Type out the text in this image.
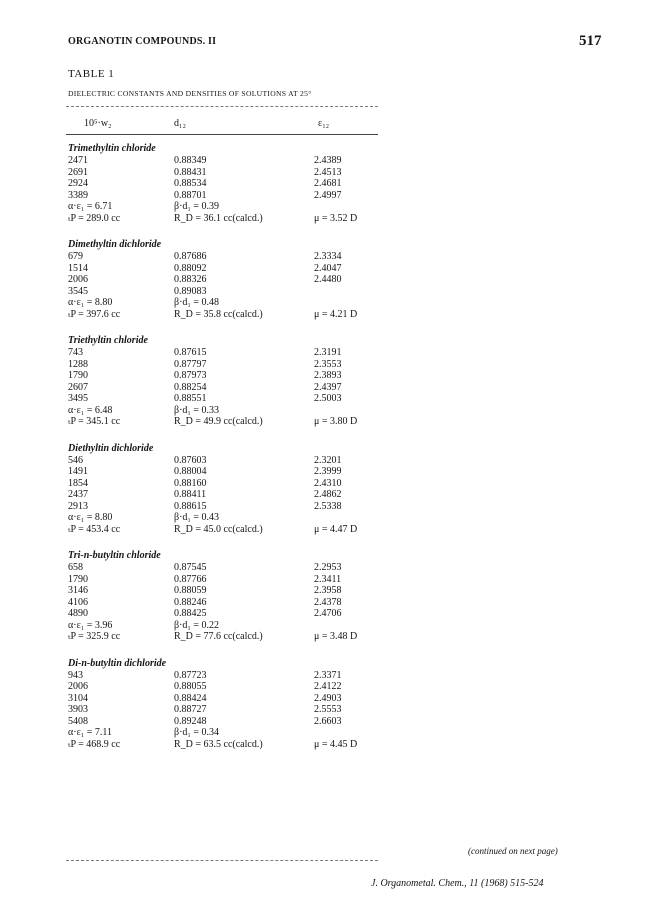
ORGANOTIN COMPOUNDS. II	517
TABLE 1
DIELECTRIC CONSTANTS AND DENSITIES OF SOLUTIONS AT 25°
10⁵·w₂	d₁₂	ε₁₂
Trimethyltin chloride
2471	0.88349	2.4389
2691	0.88431	2.4513
2924	0.88534	2.4681
3389	0.88701	2.4997
α·ε₁ = 6.71	β·d₁ = 0.39
ₜP = 289.0 cc	R_D = 36.1 cc(calcd.)	μ = 3.52 D
Dimethyltin dichloride
679	0.87686	2.3334
1514	0.88092	2.4047
2006	0.88326	2.4480
3545	0.89083
α·ε₁ = 8.80	β·d₁ = 0.48
ₜP = 397.6 cc	R_D = 35.8 cc(calcd.)	μ = 4.21 D
Triethyltin chloride
743	0.87615	2.3191
1288	0.87797	2.3553
1790	0.87973	2.3893
2607	0.88254	2.4397
3495	0.88551	2.5003
α·ε₁ = 6.48	β·d₁ = 0.33
ₜP = 345.1 cc	R_D = 49.9 cc(calcd.)	μ = 3.80 D
Diethyltin dichloride
546	0.87603	2.3201
1491	0.88004	2.3999
1854	0.88160	2.4310
2437	0.88411	2.4862
2913	0.88615	2.5338
α·ε₁ = 8.80	β·d₁ = 0.43
ₜP = 453.4 cc	R_D = 45.0 cc(calcd.)	μ = 4.47 D
Tri-n-butyltin chloride
658	0.87545	2.2953
1790	0.87766	2.3411
3146	0.88059	2.3958
4106	0.88246	2.4378
4890	0.88425	2.4706
α·ε₁ = 3.96	β·d₁ = 0.22
ₜP = 325.9 cc	R_D = 77.6 cc(calcd.)	μ = 3.48 D
Di-n-butyltin dichloride
943	0.87723	2.3371
2006	0.88055	2.4122
3104	0.88424	2.4903
3903	0.88727	2.5553
5408	0.89248	2.6603
α·ε₁ = 7.11	β·d₁ = 0.34
ₜP = 468.9 cc	R_D = 63.5 cc(calcd.)	μ = 4.45 D
(continued on next page)
J. Organometal. Chem., 11 (1968) 515-524
